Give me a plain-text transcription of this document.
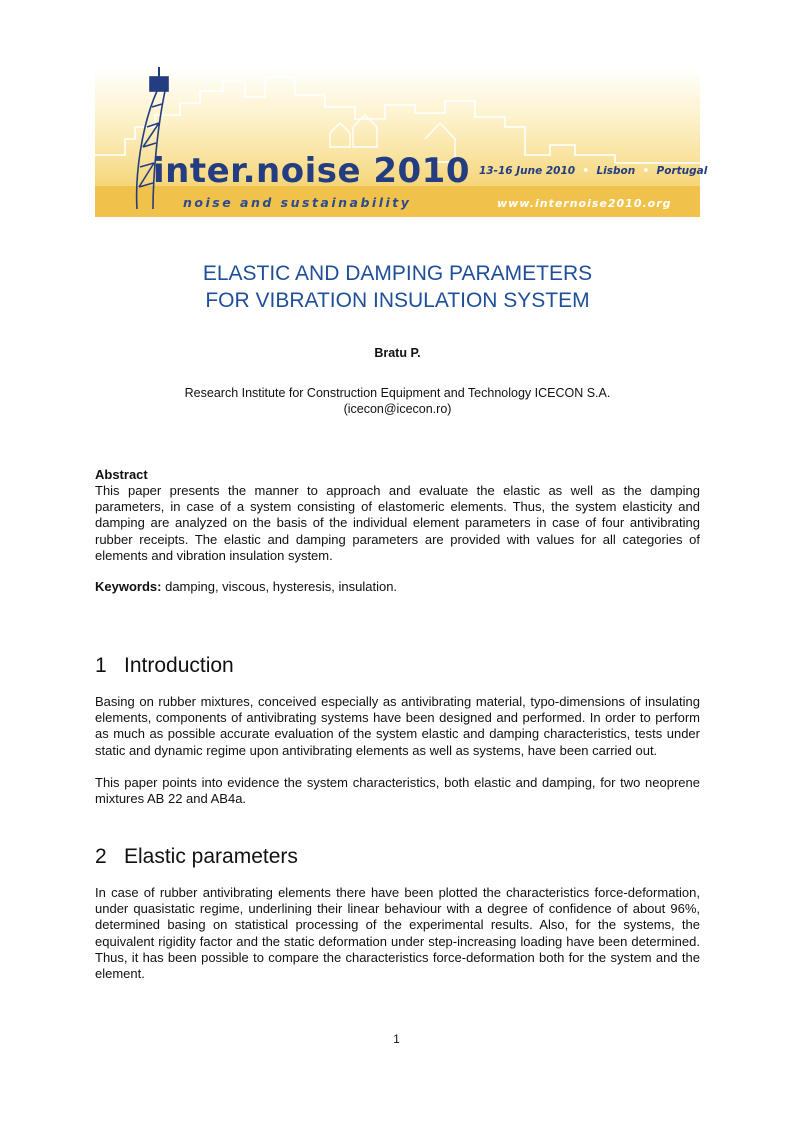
inter.noise 2010
noise and sustainability
13-16 June 2010  •  Lisbon  •  Portugal
www.internoise2010.org
ELASTIC AND DAMPING PARAMETERS
FOR VIBRATION INSULATION SYSTEM
Bratu P.
Research Institute for Construction Equipment and Technology ICECON S.A.
(icecon@icecon.ro)
Abstract
This paper presents the manner to approach and evaluate the elastic as well as the damping parameters, in case of a system consisting of elastomeric elements. Thus, the system elasticity and damping are analyzed on the basis of the individual element parameters in case of four antivibrating rubber receipts. The elastic and damping parameters are provided with values for all categories of elements and vibration insulation system.
Keywords: damping, viscous, hysteresis, insulation.
1 Introduction
Basing on rubber mixtures, conceived especially as antivibrating material, typo-dimensions of insulating elements, components of antivibrating systems have been designed and performed. In order to perform as much as possible accurate evaluation of the system elastic and damping characteristics, tests under static and dynamic regime upon antivibrating elements as well as systems, have been carried out.
This paper points into evidence the system characteristics, both elastic and damping, for two neoprene mixtures AB 22 and AB4a.
2 Elastic parameters
In case of rubber antivibrating elements there have been plotted the characteristics force-deformation, under quasistatic regime, underlining their linear behaviour with a degree of confidence of about 96%, determined basing on statistical processing of the experimental results. Also, for the systems, the equivalent rigidity factor and the static deformation under step-increasing loading have been determined. Thus, it has been possible to compare the characteristics force-deformation both for the system and the element.
1
